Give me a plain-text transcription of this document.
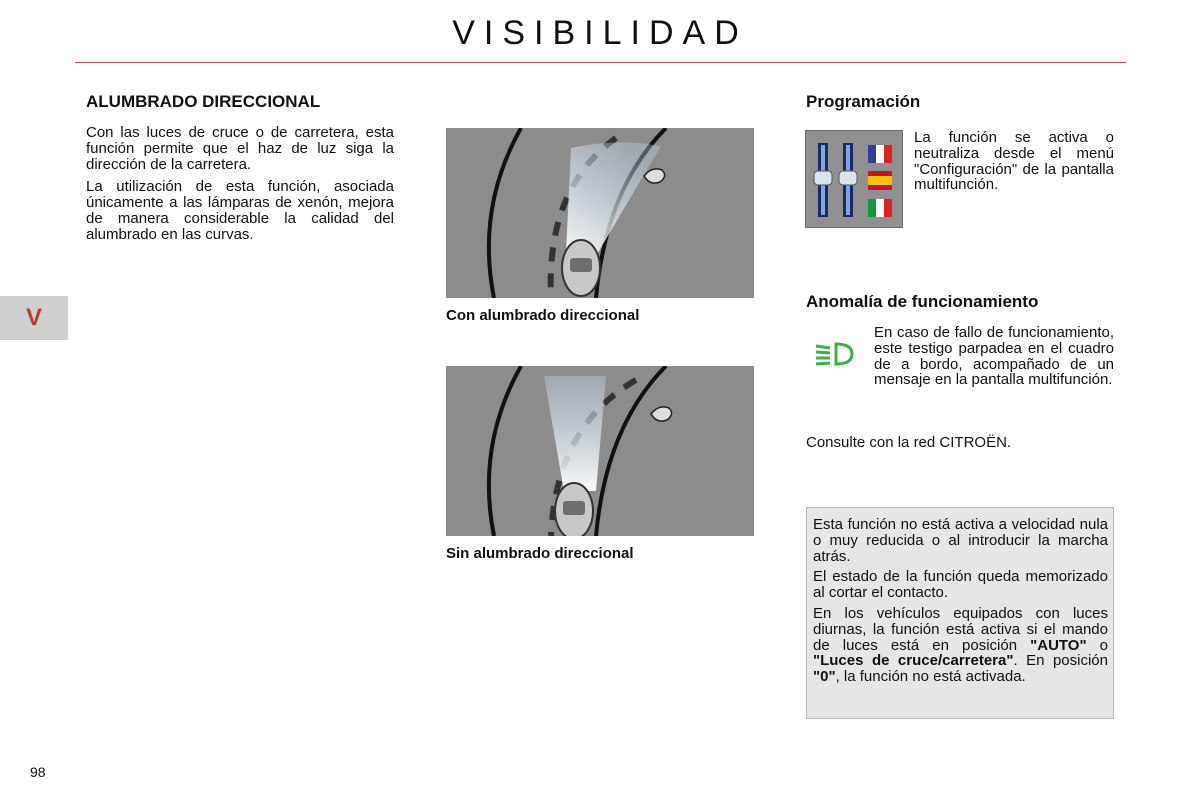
VISIBILIDAD
V
ALUMBRADO DIRECCIONAL

Con las luces de cruce o de carretera, esta función permite que el haz de luz siga la dirección de la carretera.

La utilización de esta función, asociada únicamente a las lámparas de xenón, mejora de manera considerable la calidad del alumbrado en las curvas.

Con alumbrado direccional
Sin alumbrado direccional
Programación

La función se activa o neutraliza desde el menú "Configuración" de la pantalla multifunción.

Anomalía de funcionamiento

En caso de fallo de funcionamiento, este testigo parpadea en el cuadro de a bordo, acompañado de un mensaje en la pantalla multifunción.

Consulte con la red CITROËN.

Esta función no está activa a velocidad nula o muy reducida o al introducir la marcha atrás.

El estado de la función queda memorizado al cortar el contacto.

En los vehículos equipados con luces diurnas, la función está activa si el mando de luces está en posición "AUTO" o "Luces de cruce/carretera". En posición "0", la función no está activada.

98
